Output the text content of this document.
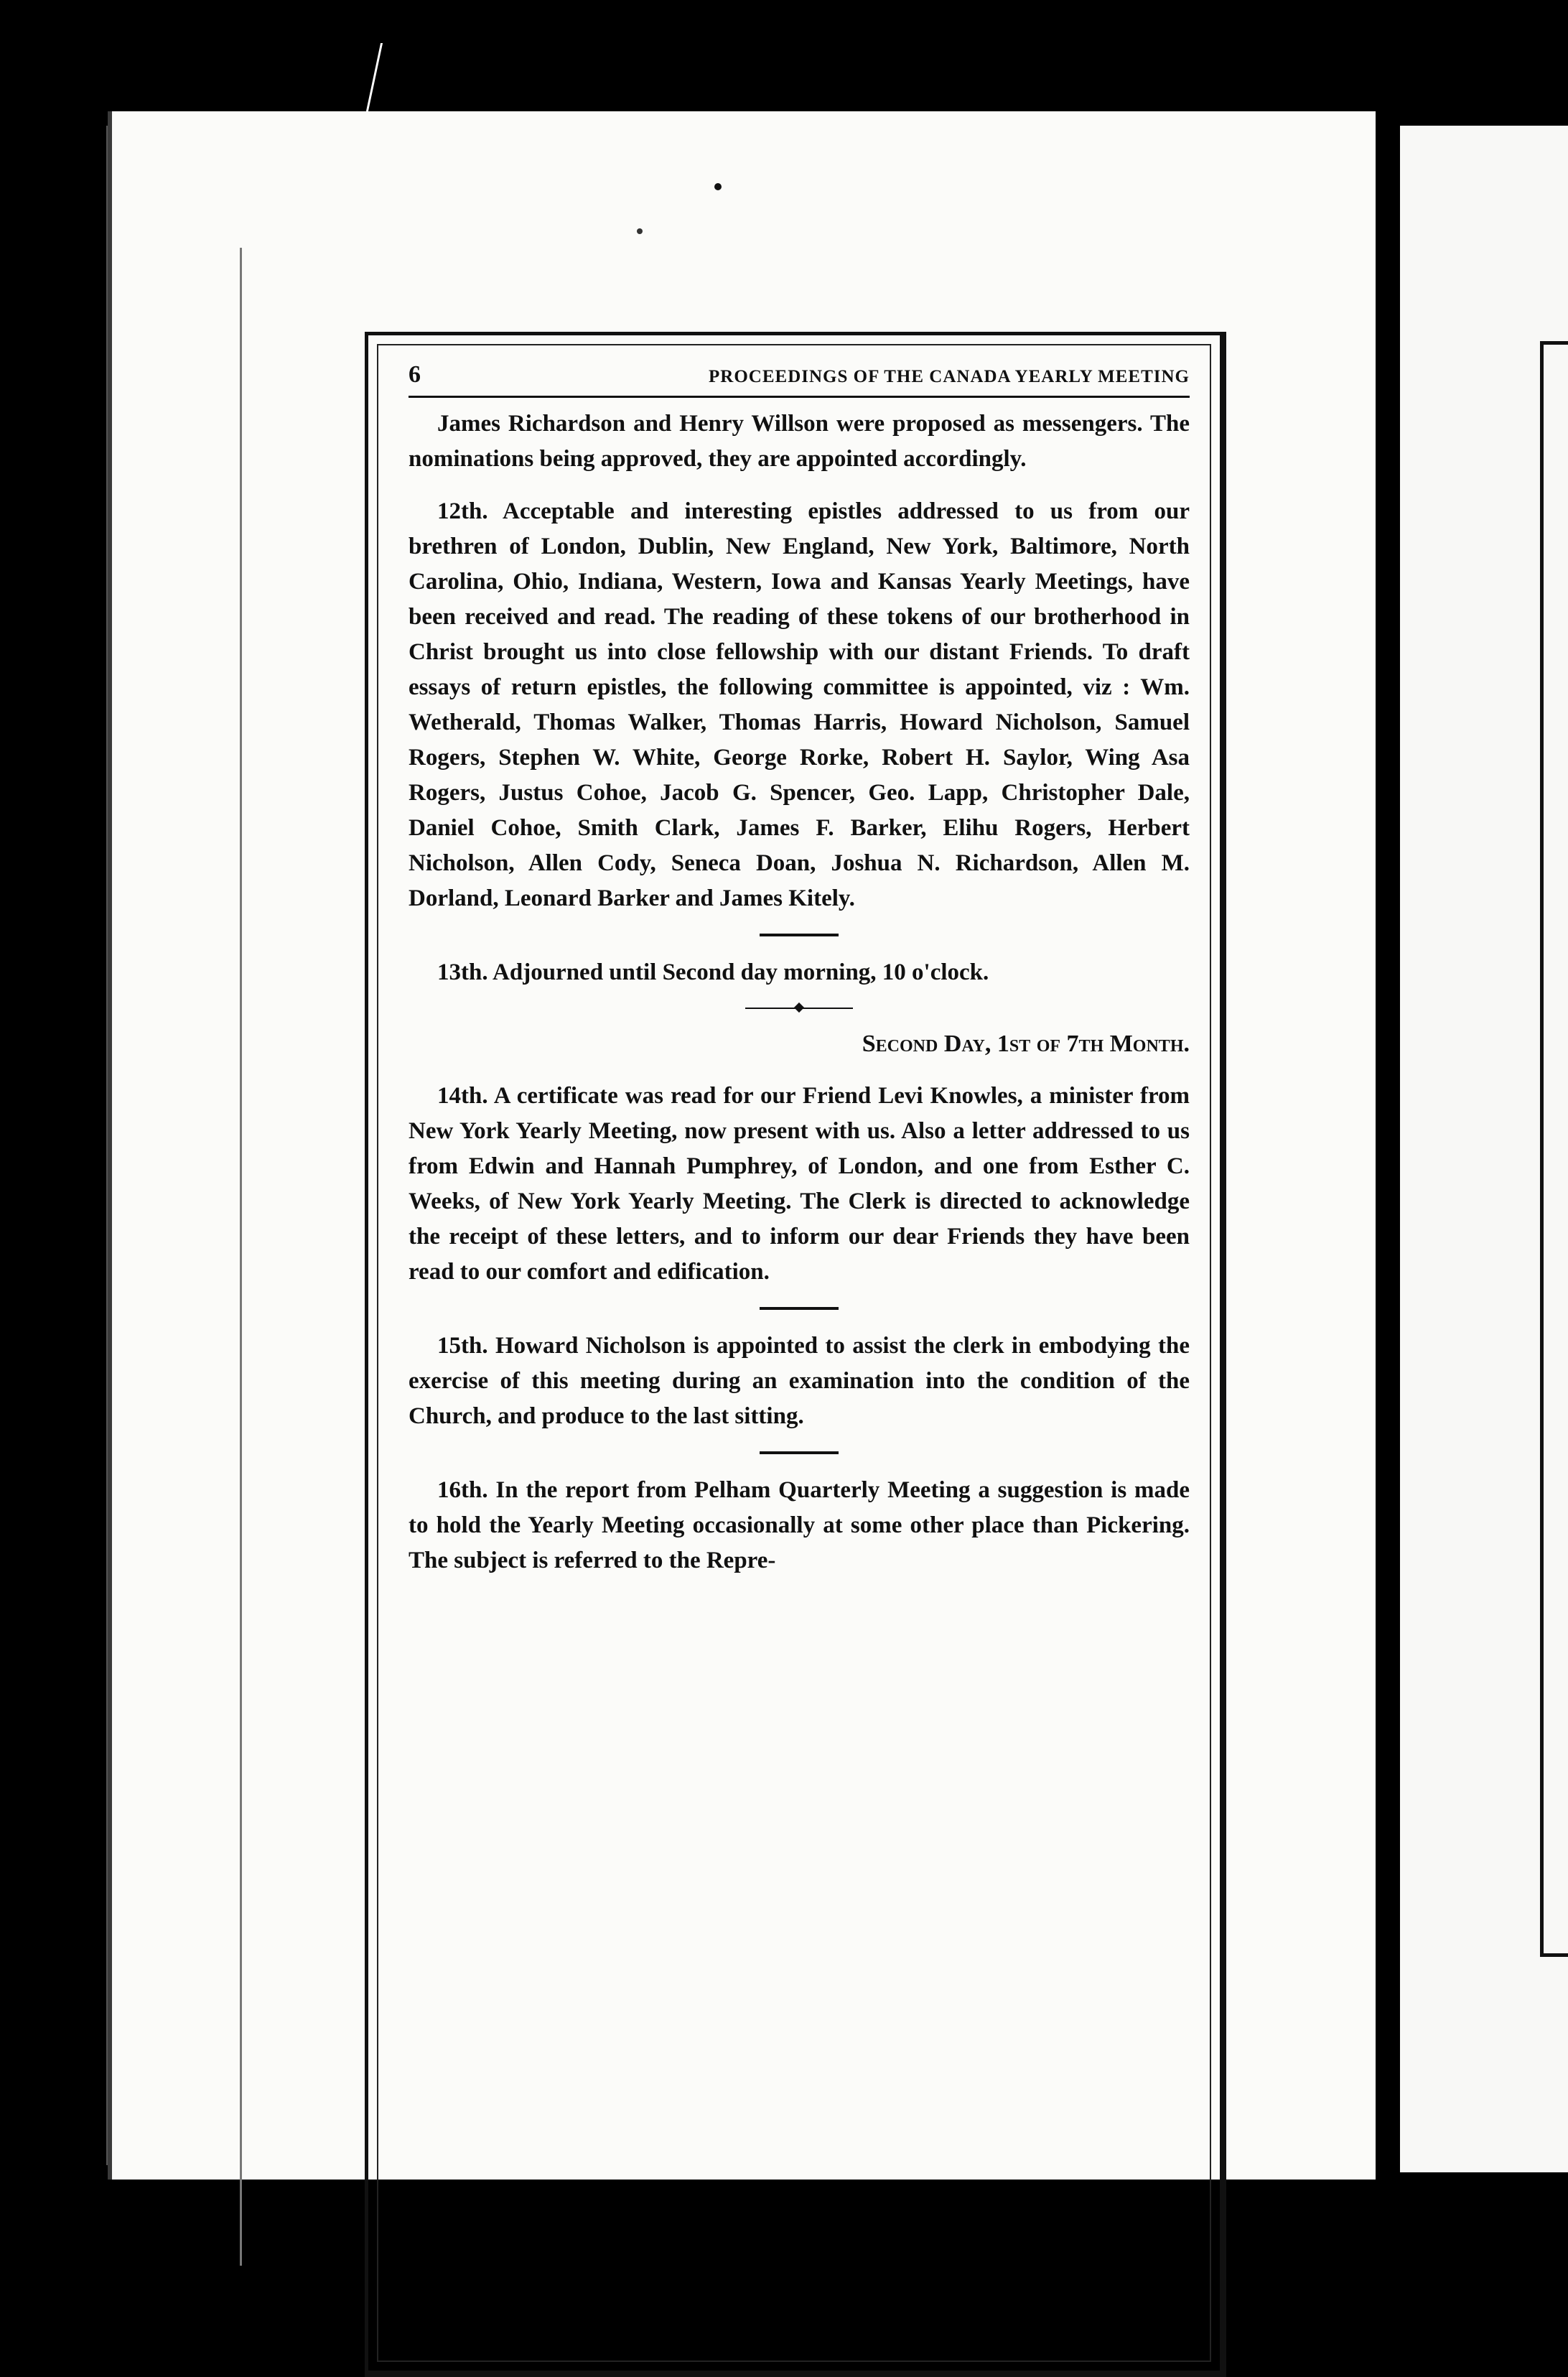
6	PROCEEDINGS OF THE CANADA YEARLY MEETING

James Richardson and Henry Willson were proposed as messengers. The nominations being approved, they are appointed accordingly.

12th. Acceptable and interesting epistles addressed to us from our brethren of London, Dublin, New England, New York, Baltimore, North Carolina, Ohio, Indiana, Western, Iowa and Kansas Yearly Meetings, have been received and read. The reading of these tokens of our brotherhood in Christ brought us into close fellowship with our distant Friends. To draft essays of return epistles, the following committee is appointed, viz : Wm. Wetherald, Thomas Walker, Thomas Harris, Howard Nicholson, Samuel Rogers, Stephen W. White, George Rorke, Robert H. Saylor, Wing Asa Rogers, Justus Cohoe, Jacob G. Spencer, Geo. Lapp, Christopher Dale, Daniel Cohoe, Smith Clark, James F. Barker, Elihu Rogers, Herbert Nicholson, Allen Cody, Seneca Doan, Joshua N. Richardson, Allen M. Dorland, Leonard Barker and James Kitely.

13th. Adjourned until Second day morning, 10 o'clock.

Second Day, 1st of 7th Month.

14th. A certificate was read for our Friend Levi Knowles, a minister from New York Yearly Meeting, now present with us. Also a letter addressed to us from Edwin and Hannah Pumphrey, of London, and one from Esther C. Weeks, of New York Yearly Meeting. The Clerk is directed to acknowledge the receipt of these letters, and to inform our dear Friends they have been read to our comfort and edification.

15th. Howard Nicholson is appointed to assist the clerk in embodying the exercise of this meeting during an examination into the condition of the Church, and produce to the last sitting.

16th. In the report from Pelham Quarterly Meeting a suggestion is made to hold the Yearly Meeting occasionally at some other place than Pickering. The subject is referred to the Repre-
